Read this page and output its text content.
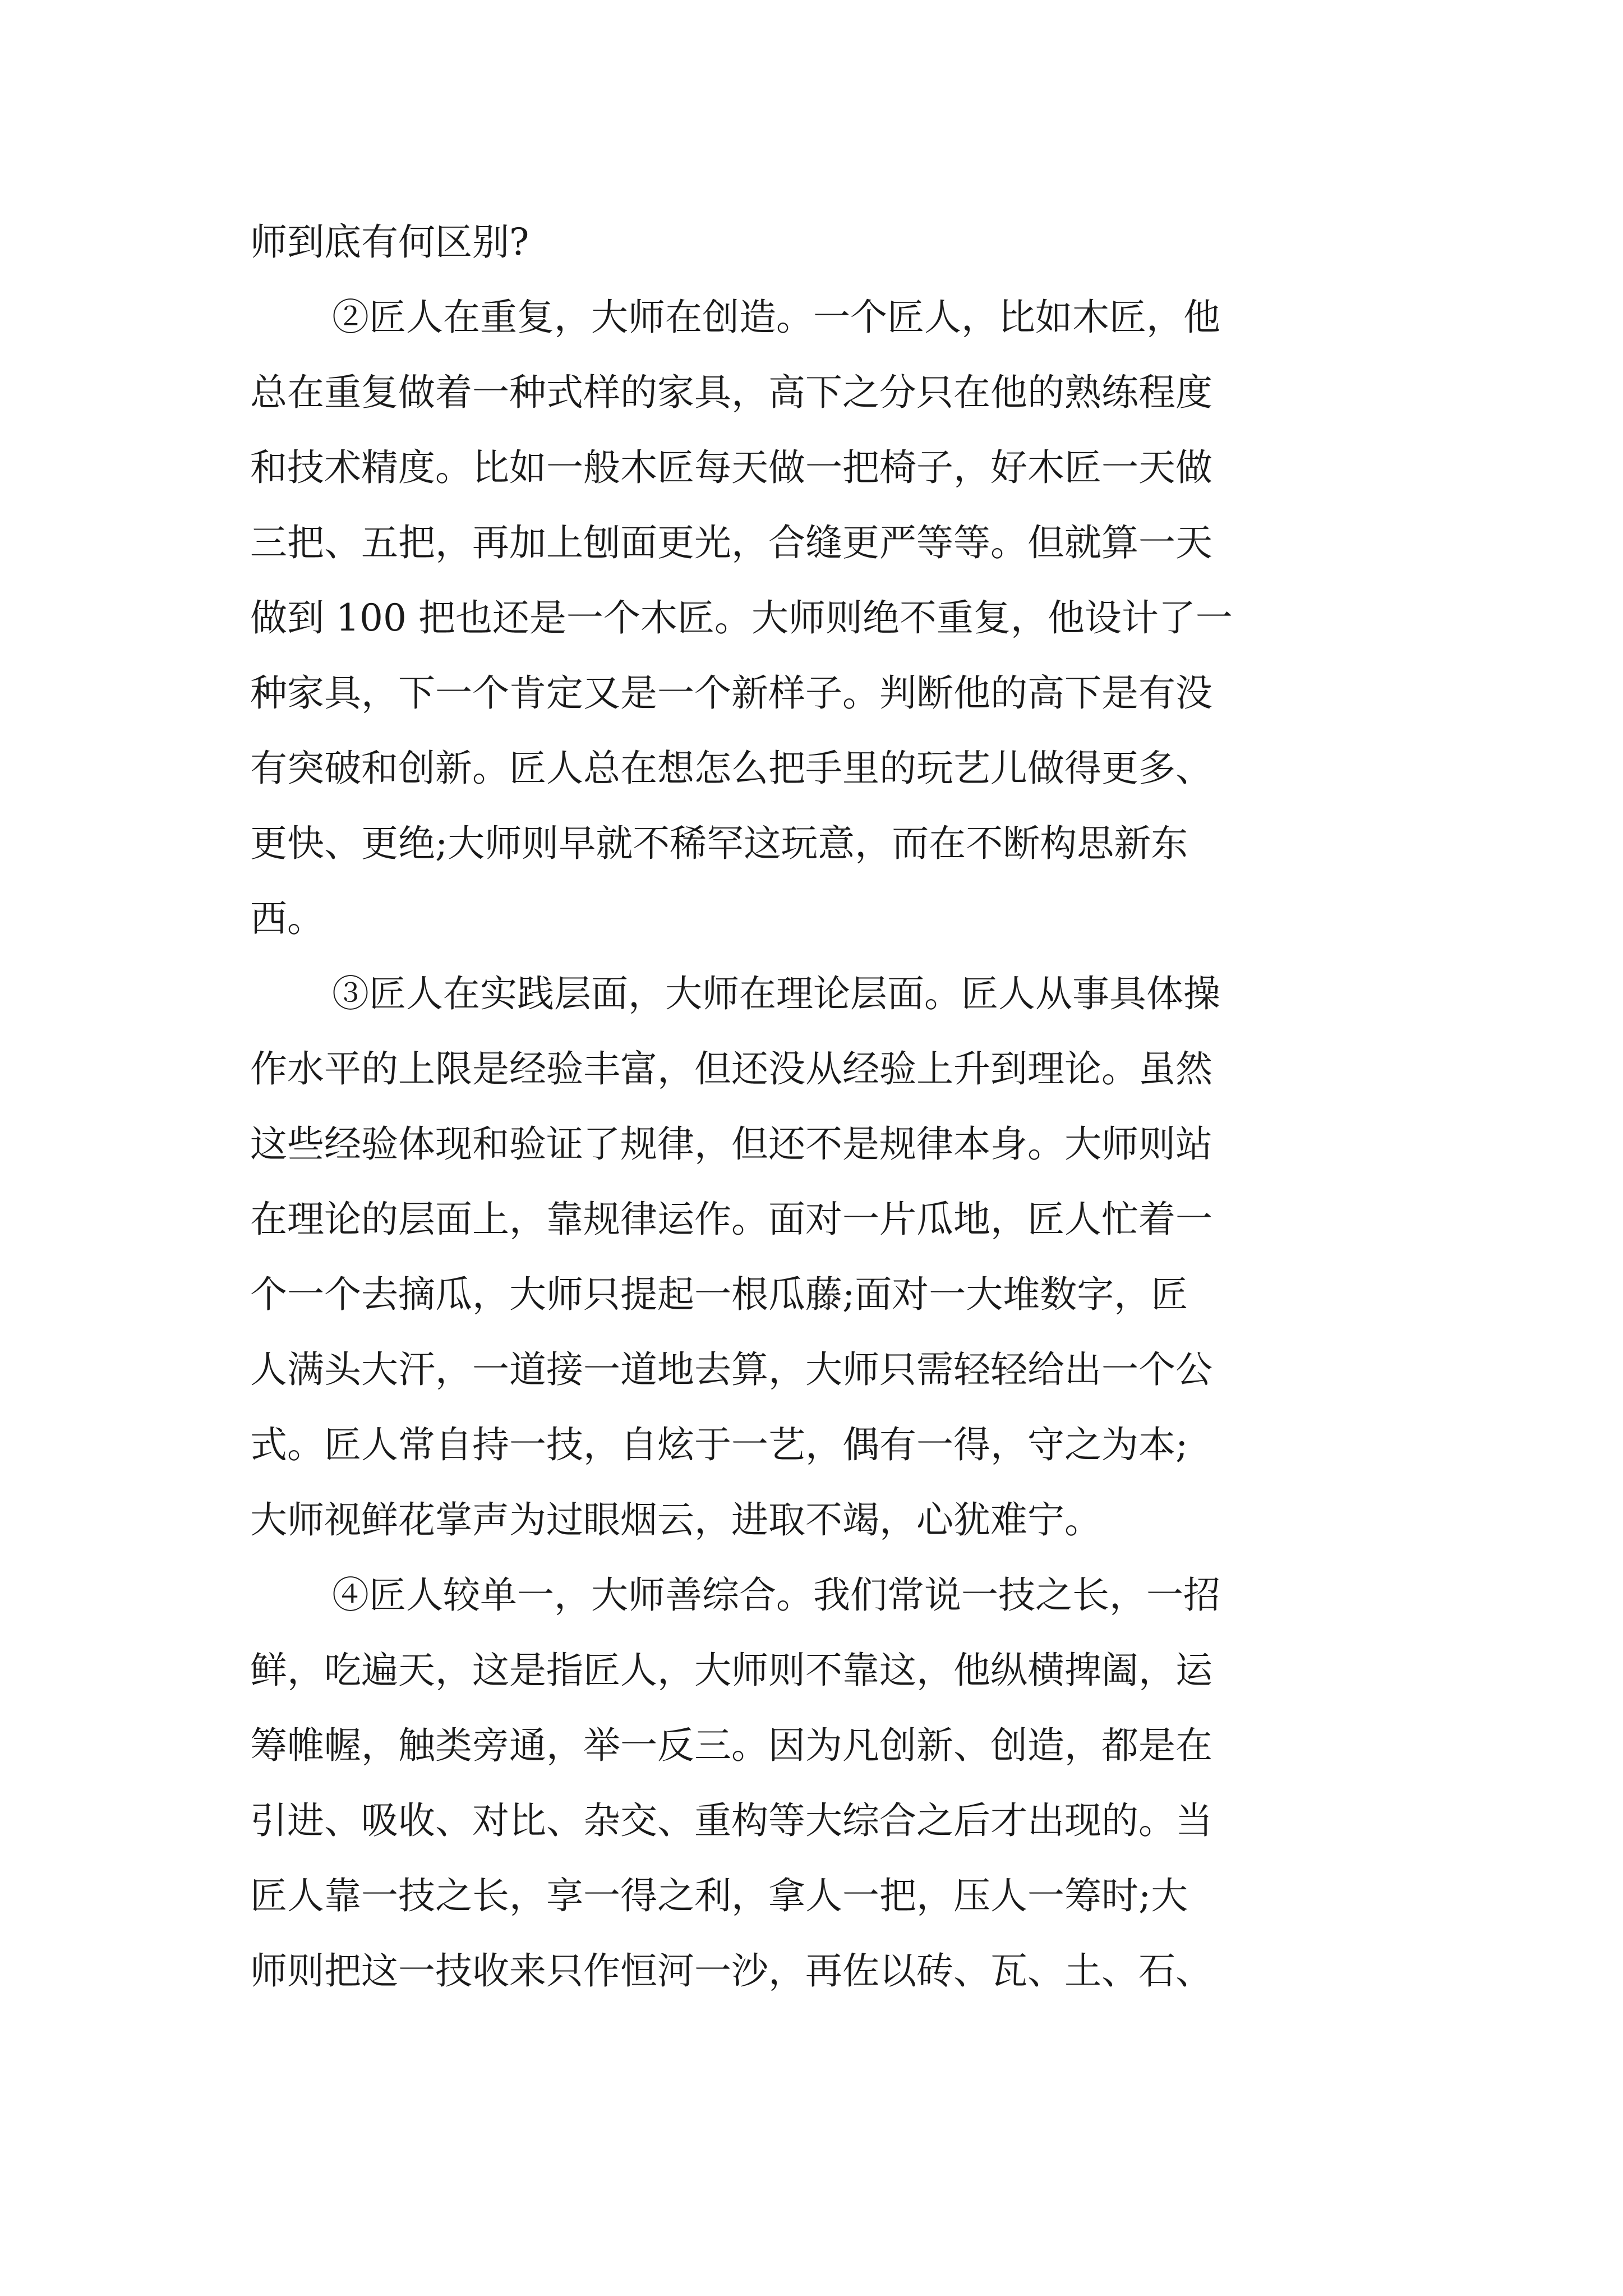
师到底有何区别?
②匠人在重复，大师在创造。一个匠人，比如木匠，他
总在重复做着一种式样的家具，高下之分只在他的熟练程度
和技术精度。比如一般木匠每天做一把椅子，好木匠一天做
三把、五把，再加上刨面更光，合缝更严等等。但就算一天
做到 100 把也还是一个木匠。大师则绝不重复，他设计了一
种家具，下一个肯定又是一个新样子。判断他的高下是有没
有突破和创新。匠人总在想怎么把手里的玩艺儿做得更多、
更快、更绝;大师则早就不稀罕这玩意，而在不断构思新东
西。
③匠人在实践层面，大师在理论层面。匠人从事具体操
作水平的上限是经验丰富，但还没从经验上升到理论。虽然
这些经验体现和验证了规律，但还不是规律本身。大师则站
在理论的层面上，靠规律运作。面对一片瓜地，匠人忙着一
个一个去摘瓜，大师只提起一根瓜藤;面对一大堆数字，匠
人满头大汗，一道接一道地去算，大师只需轻轻给出一个公
式。匠人常自持一技，自炫于一艺，偶有一得，守之为本;
大师视鲜花掌声为过眼烟云，进取不竭，心犹难宁。
④匠人较单一，大师善综合。我们常说一技之长，一招
鲜，吃遍天，这是指匠人，大师则不靠这，他纵横捭阖，运
筹帷幄，触类旁通，举一反三。因为凡创新、创造，都是在
引进、吸收、对比、杂交、重构等大综合之后才出现的。当
匠人靠一技之长，享一得之利，拿人一把，压人一筹时;大
师则把这一技收来只作恒河一沙，再佐以砖、瓦、土、石、
